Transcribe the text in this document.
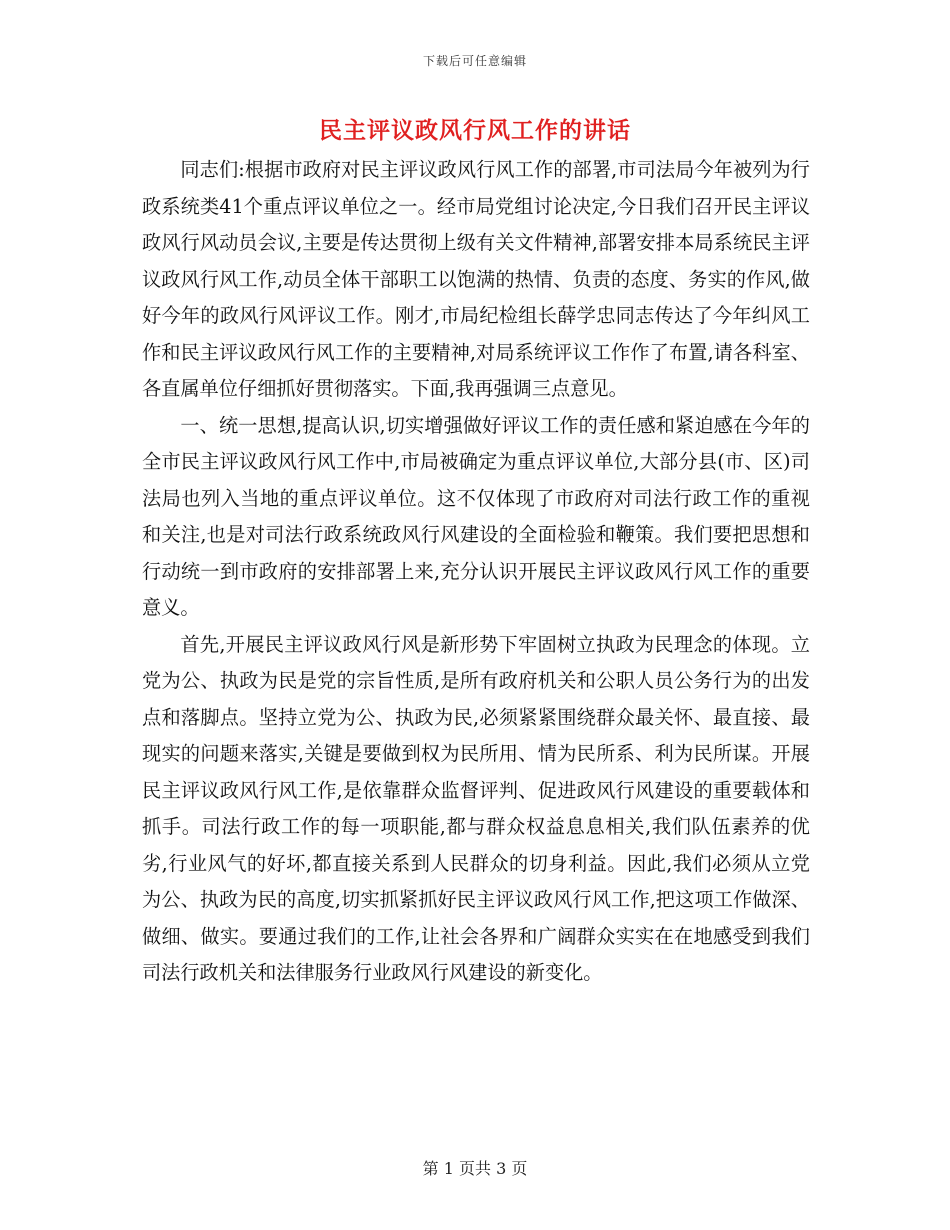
下载后可任意编辑
民主评议政风行风工作的讲话

同志们:根据市政府对民主评议政风行风工作的部署,市司法局今年被列为行政系统类41个重点评议单位之一。经市局党组讨论决定,今日我们召开民主评议政风行风动员会议,主要是传达贯彻上级有关文件精神,部署安排本局系统民主评议政风行风工作,动员全体干部职工以饱满的热情、负责的态度、务实的作风,做好今年的政风行风评议工作。刚才,市局纪检组长薛学忠同志传达了今年纠风工作和民主评议政风行风工作的主要精神,对局系统评议工作作了布置,请各科室、各直属单位仔细抓好贯彻落实。下面,我再强调三点意见。

一、统一思想,提高认识,切实增强做好评议工作的责任感和紧迫感在今年的全市民主评议政风行风工作中,市局被确定为重点评议单位,大部分县(市、区)司法局也列入当地的重点评议单位。这不仅体现了市政府对司法行政工作的重视和关注,也是对司法行政系统政风行风建设的全面检验和鞭策。我们要把思想和行动统一到市政府的安排部署上来,充分认识开展民主评议政风行风工作的重要意义。

首先,开展民主评议政风行风是新形势下牢固树立执政为民理念的体现。立党为公、执政为民是党的宗旨性质,是所有政府机关和公职人员公务行为的出发点和落脚点。坚持立党为公、执政为民,必须紧紧围绕群众最关怀、最直接、最现实的问题来落实,关键是要做到权为民所用、情为民所系、利为民所谋。开展民主评议政风行风工作,是依靠群众监督评判、促进政风行风建设的重要载体和抓手。司法行政工作的每一项职能,都与群众权益息息相关,我们队伍素养的优劣,行业风气的好坏,都直接关系到人民群众的切身利益。因此,我们必须从立党为公、执政为民的高度,切实抓紧抓好民主评议政风行风工作,把这项工作做深、做细、做实。要通过我们的工作,让社会各界和广阔群众实实在在地感受到我们司法行政机关和法律服务行业政风行风建设的新变化。

第 1 页共 3 页
